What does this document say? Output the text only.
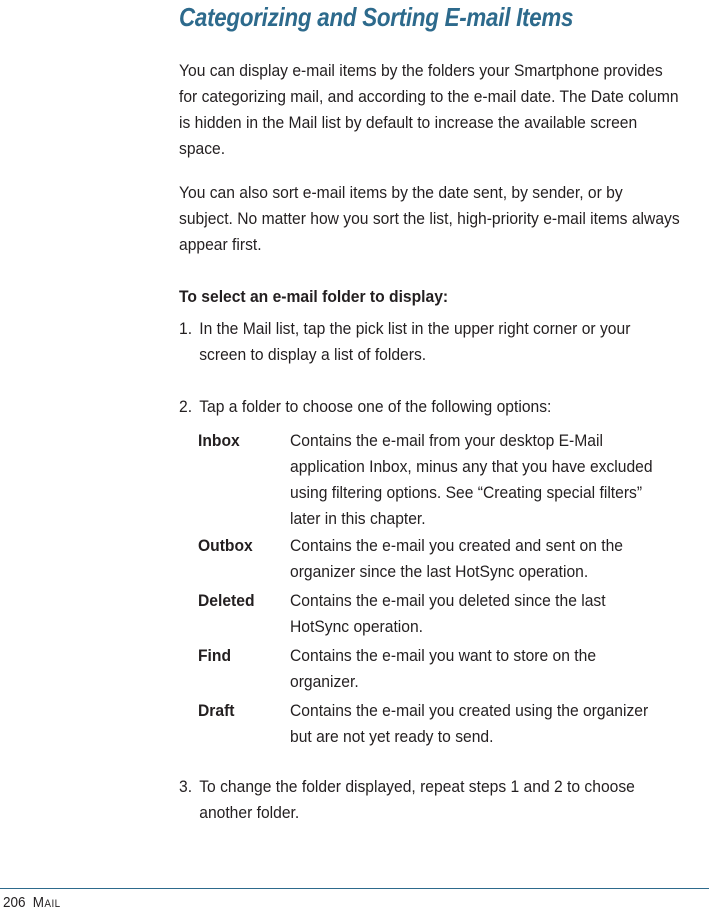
Categorizing and Sorting E-mail Items

You can display e-mail items by the folders your Smartphone provides for categorizing mail, and according to the e-mail date. The Date column is hidden in the Mail list by default to increase the available screen space.

You can also sort e-mail items by the date sent, by sender, or by subject. No matter how you sort the list, high-priority e-mail items always appear first.

To select an e-mail folder to display:
1. In the Mail list, tap the pick list in the upper right corner or your screen to display a list of folders.
2. Tap a folder to choose one of the following options:
Inbox	Contains the e-mail from your desktop E-Mail application Inbox, minus any that you have excluded using filtering options. See “Creating special filters” later in this chapter.
Outbox Contains the e-mail you created and sent on the organizer since the last HotSync operation.
Deleted Contains the e-mail you deleted since the last HotSync operation.
Find	Contains the e-mail you want to store on the organizer.
Draft	Contains the e-mail you created using the organizer but are not yet ready to send.
3. To change the folder displayed, repeat steps 1 and 2 to choose another folder.
206 Mail
